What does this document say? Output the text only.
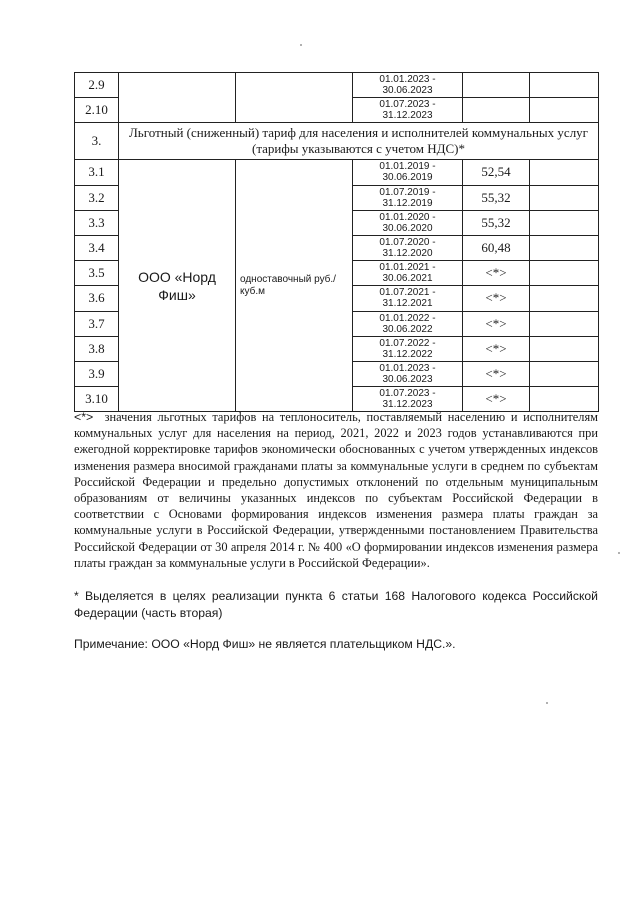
2.9			01.01.2023 -
30.06.2023		

2.10			01.07.2023 -
31.12.2023		

3.	Льготный (сниженный) тариф для населения и исполнителей коммунальных услуг (тарифы указываются с учетом НДС)*				
3.1	ООО «Норд Фиш»	одноставочный руб./куб.м	01.01.2019 -
30.06.2019	52,54	
3.2			01.07.2019 -
31.12.2019	55,32	
3.3			01.01.2020 -
30.06.2020	55,32	
3.4			01.07.2020 -
31.12.2020	60,48	
3.5			01.01.2021 -
30.06.2021	<*>	
3.6			01.07.2021 -
31.12.2021	<*>	
3.7			01.01.2022 -
30.06.2022	<*>	
3.8			01.07.2022 -
31.12.2022	<*>	
3.9			01.01.2023 -
30.06.2023	<*>	
3.10			01.07.2023 -
31.12.2023	<*>	
<*> значения льготных тарифов на теплоноситель, поставляемый населению и исполнителям коммунальных услуг для населения на период, 2021, 2022 и 2023 годов устанавливаются при ежегодной корректировке тарифов экономически обоснованных с учетом утвержденных индексов изменения размера вносимой гражданами платы за коммунальные услуги в среднем по субъектам Российской Федерации и предельно допустимых отклонений по отдельным муниципальным образованиям от величины указанных индексов по субъектам Российской Федерации в соответствии с Основами формирования индексов изменения размера платы граждан за коммунальные услуги в Российской Федерации, утвержденными постановлением Правительства Российской Федерации от 30 апреля 2014 г. № 400 «О формировании индексов изменения размера платы граждан за коммунальные услуги в Российской Федерации».
* Выделяется в целях реализации пункта 6 статьи 168 Налогового кодекса Российской Федерации (часть вторая)
Примечание: ООО «Норд Фиш» не является плательщиком НДС.».
